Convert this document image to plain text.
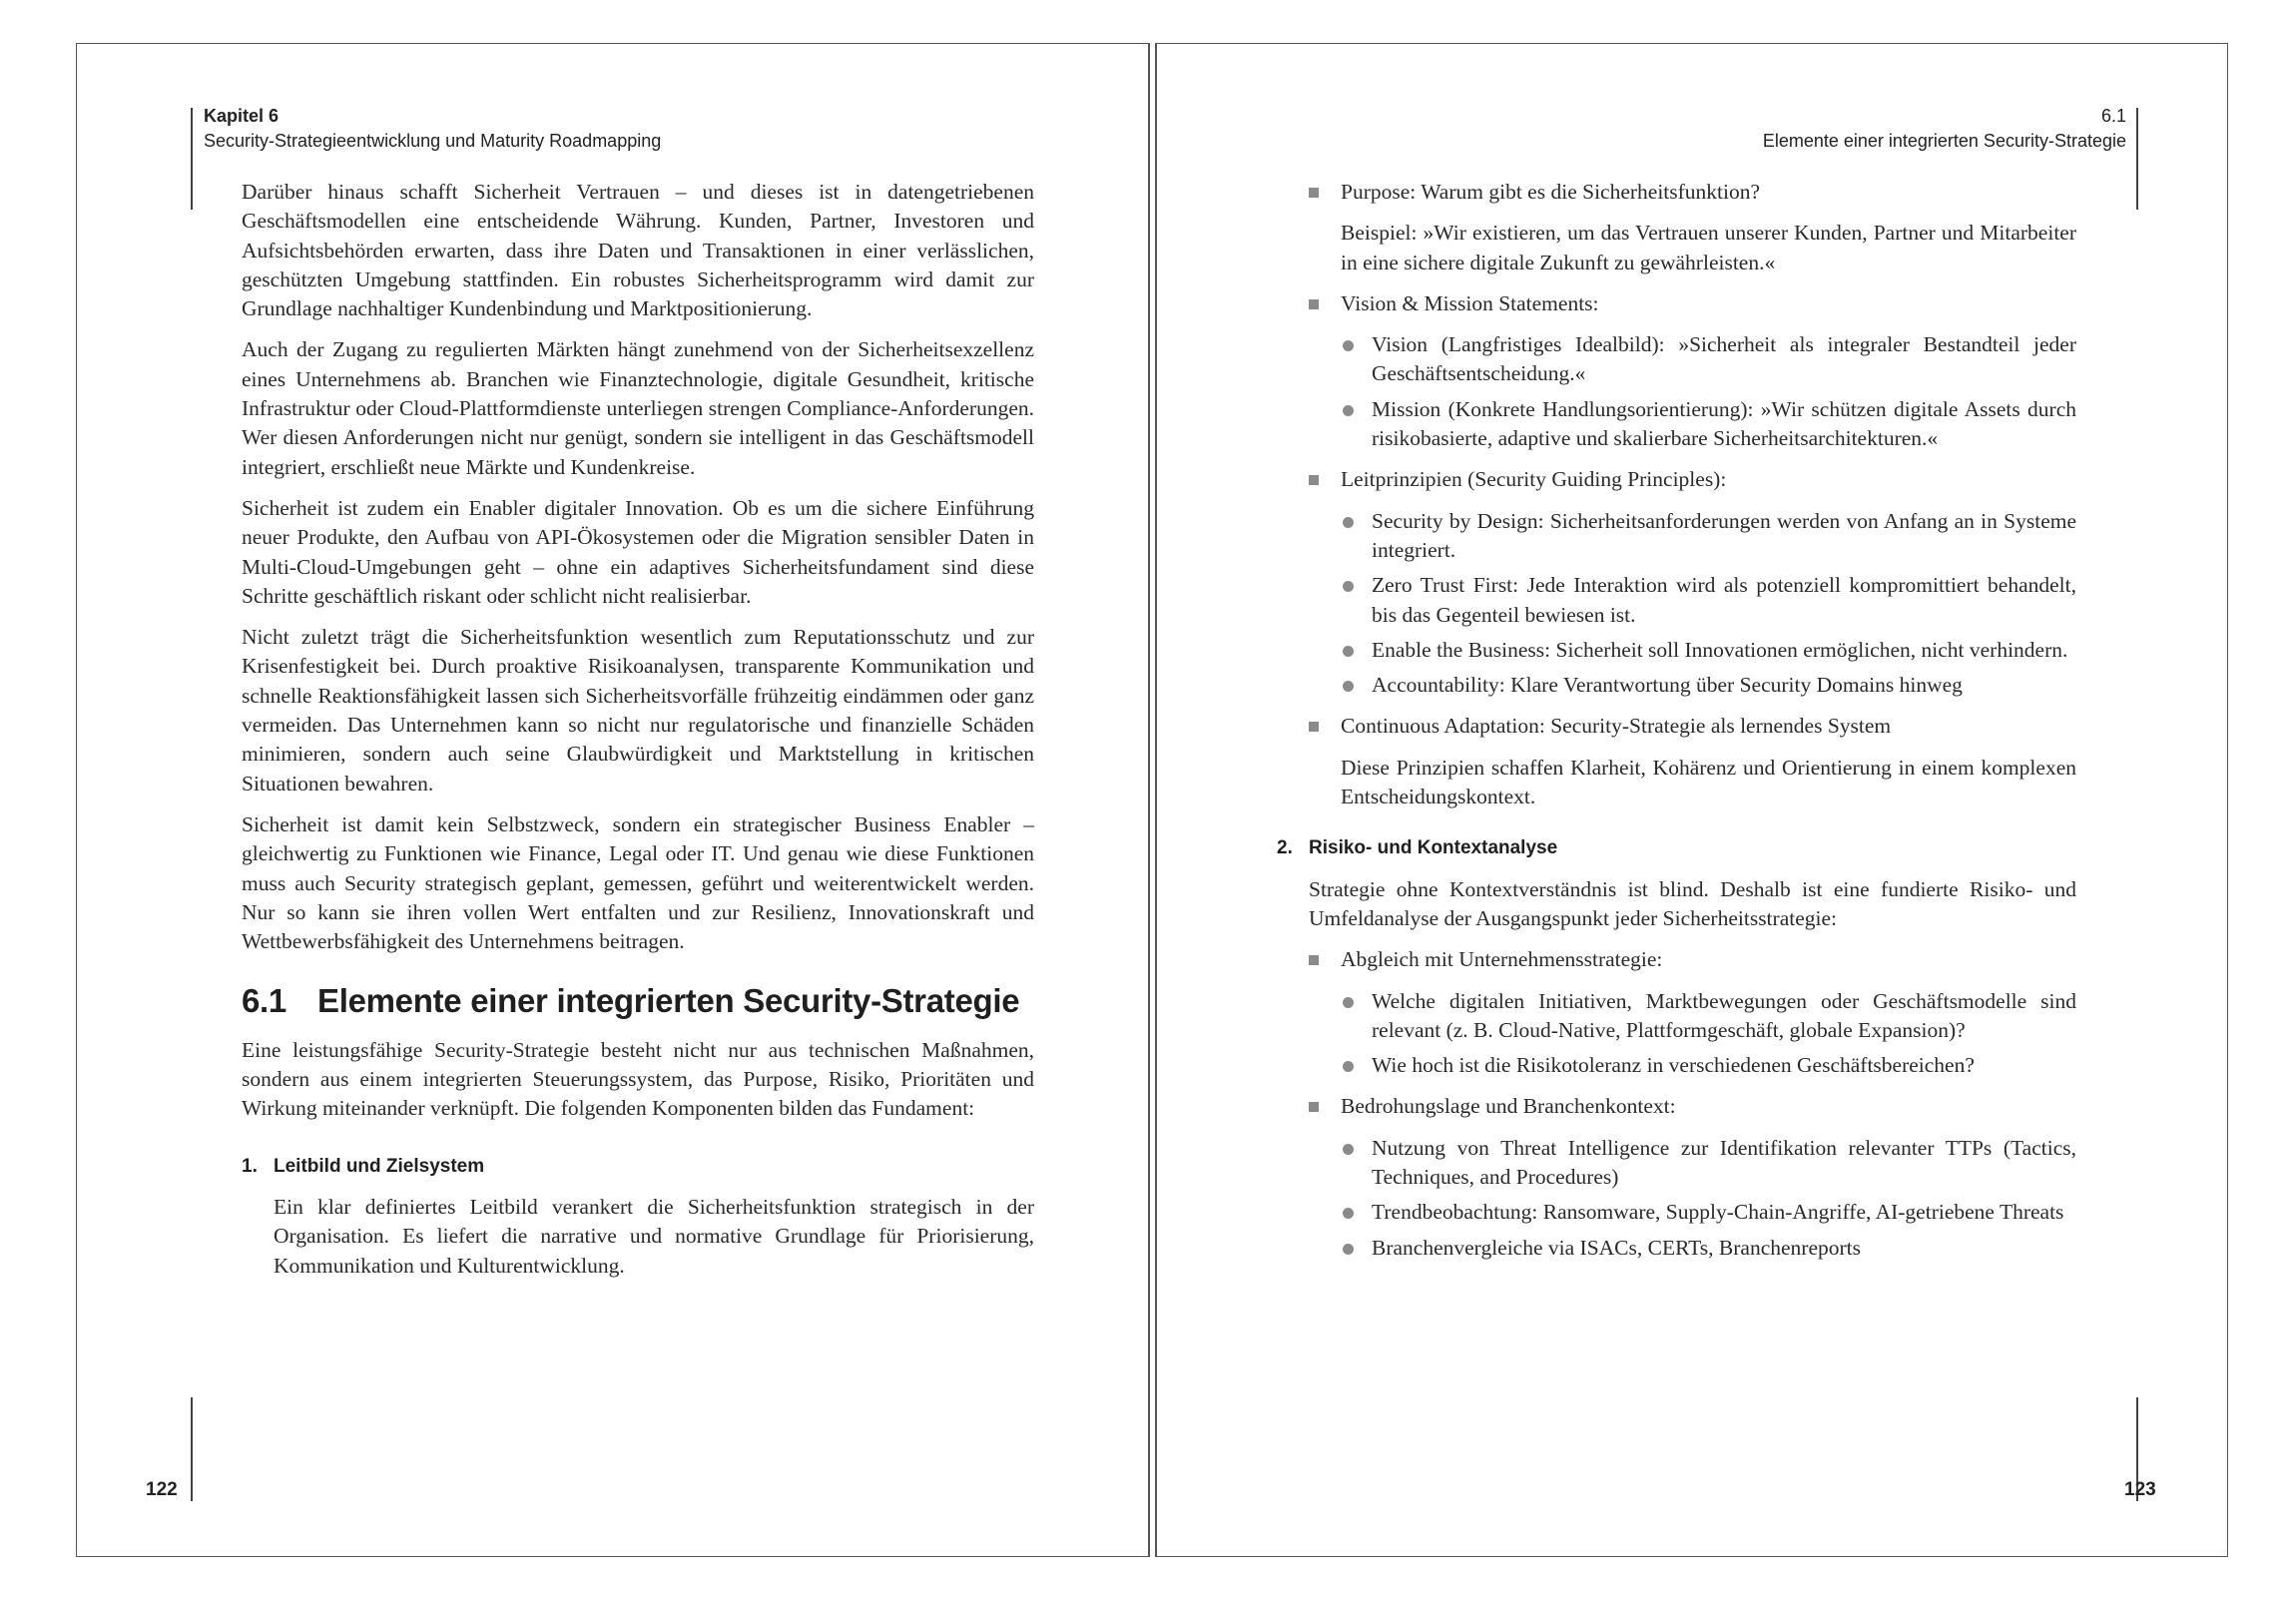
Kapitel 6
Security-Strategieentwicklung und Maturity Roadmapping
122

Darüber hinaus schafft Sicherheit Vertrauen – und dieses ist in datengetriebenen Geschäftsmodellen eine entscheidende Währung. Kunden, Partner, Investoren und Aufsichtsbehörden erwarten, dass ihre Daten und Transaktionen in einer verlässlichen, geschützten Umgebung stattfinden. Ein robustes Sicherheitsprogramm wird damit zur Grundlage nachhaltiger Kundenbindung und Marktpositionierung.

Auch der Zugang zu regulierten Märkten hängt zunehmend von der Sicherheitsexzellenz eines Unternehmens ab. Branchen wie Finanztechnologie, digitale Gesundheit, kritische Infrastruktur oder Cloud-Plattformdienste unterliegen strengen Compliance-Anforderungen. Wer diesen Anforderungen nicht nur genügt, sondern sie intelligent in das Geschäftsmodell integriert, erschließt neue Märkte und Kundenkreise.

Sicherheit ist zudem ein Enabler digitaler Innovation. Ob es um die sichere Einführung neuer Produkte, den Aufbau von API-Ökosystemen oder die Migration sensibler Daten in Multi-Cloud-Umgebungen geht – ohne ein adaptives Sicherheitsfundament sind diese Schritte geschäftlich riskant oder schlicht nicht realisierbar.

Nicht zuletzt trägt die Sicherheitsfunktion wesentlich zum Reputationsschutz und zur Krisenfestigkeit bei. Durch proaktive Risikoanalysen, transparente Kommunikation und schnelle Reaktionsfähigkeit lassen sich Sicherheitsvorfälle frühzeitig eindämmen oder ganz vermeiden. Das Unternehmen kann so nicht nur regulatorische und finanzielle Schäden minimieren, sondern auch seine Glaubwürdigkeit und Marktstellung in kritischen Situationen bewahren.

Sicherheit ist damit kein Selbstzweck, sondern ein strategischer Business Enabler – gleichwertig zu Funktionen wie Finance, Legal oder IT. Und genau wie diese Funktionen muss auch Security strategisch geplant, gemessen, geführt und weiterentwickelt werden. Nur so kann sie ihren vollen Wert entfalten und zur Resilienz, Innovationskraft und Wettbewerbsfähigkeit des Unternehmens beitragen.

6.1 Elemente einer integrierten Security-Strategie

Eine leistungsfähige Security-Strategie besteht nicht nur aus technischen Maßnahmen, sondern aus einem integrierten Steuerungssystem, das Purpose, Risiko, Prioritäten und Wirkung miteinander verknüpft. Die folgenden Komponenten bilden das Fundament:

1. Leitbild und Zielsystem

Ein klar definiertes Leitbild verankert die Sicherheitsfunktion strategisch in der Organisation. Es liefert die narrative und normative Grundlage für Priorisierung, Kommunikation und Kulturentwicklung.

6.1
Elemente einer integrierten Security-Strategie
123
Purpose: Warum gibt es die Sicherheitsfunktion?
Beispiel: »Wir existieren, um das Vertrauen unserer Kunden, Partner und Mitarbeiter in eine sichere digitale Zukunft zu gewährleisten.«
Vision & Mission Statements:
Vision (Langfristiges Idealbild): »Sicherheit als integraler Bestandteil jeder Geschäftsentscheidung.«
Mission (Konkrete Handlungsorientierung): »Wir schützen digitale Assets durch risikobasierte, adaptive und skalierbare Sicherheitsarchitekturen.«
Leitprinzipien (Security Guiding Principles):
Security by Design: Sicherheitsanforderungen werden von Anfang an in Systeme integriert.
Zero Trust First: Jede Interaktion wird als potenziell kompromittiert behandelt, bis das Gegenteil bewiesen ist.
Enable the Business: Sicherheit soll Innovationen ermöglichen, nicht verhindern.
Accountability: Klare Verantwortung über Security Domains hinweg
Continuous Adaptation: Security-Strategie als lernendes System
Diese Prinzipien schaffen Klarheit, Kohärenz und Orientierung in einem komplexen Entscheidungskontext.
2. Risiko- und Kontextanalyse

Strategie ohne Kontextverständnis ist blind. Deshalb ist eine fundierte Risiko- und Umfeldanalyse der Ausgangspunkt jeder Sicherheitsstrategie:

Abgleich mit Unternehmensstrategie:
Welche digitalen Initiativen, Marktbewegungen oder Geschäftsmodelle sind relevant (z. B. Cloud-Native, Plattformgeschäft, globale Expansion)?
Wie hoch ist die Risikotoleranz in verschiedenen Geschäftsbereichen?
Bedrohungslage und Branchenkontext:
Nutzung von Threat Intelligence zur Identifikation relevanter TTPs (Tactics, Techniques, and Procedures)
Trendbeobachtung: Ransomware, Supply-Chain-Angriffe, AI-getriebene Threats
Branchenvergleiche via ISACs, CERTs, Branchenreports
